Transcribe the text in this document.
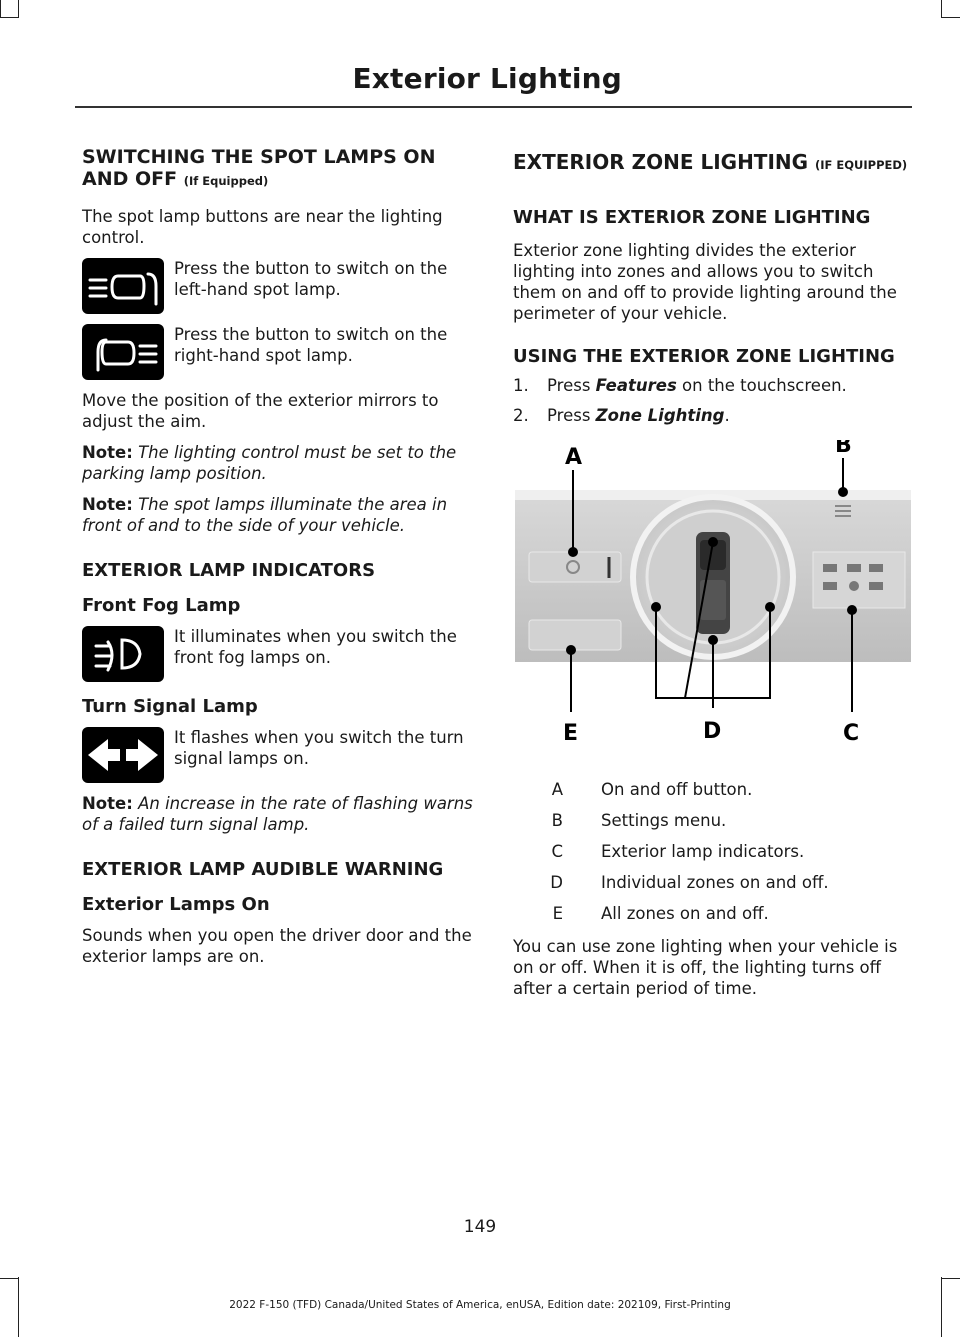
Exterior Lighting
SWITCHING THE SPOT LAMPS ON AND OFF (If Equipped)

The spot lamp buttons are near the lighting control.

Press the button to switch on the left-hand spot lamp.

Press the button to switch on the right-hand spot lamp.

Move the position of the exterior mirrors to adjust the aim.

Note: The lighting control must be set to the parking lamp position.

Note: The spot lamps illuminate the area in front of and to the side of your vehicle.

EXTERIOR LAMP INDICATORS
Front Fog Lamp

It illuminates when you switch the front fog lamps on.

Turn Signal Lamp

It flashes when you switch the turn signal lamps on.

Note: An increase in the rate of flashing warns of a failed turn signal lamp.

EXTERIOR LAMP AUDIBLE WARNING
Exterior Lamps On

Sounds when you open the driver door and the exterior lamps are on.

EXTERIOR ZONE LIGHTING (IF EQUIPPED)
WHAT IS EXTERIOR ZONE LIGHTING

Exterior zone lighting divides the exterior lighting into zones and allows you to switch them on and off to provide lighting around the perimeter of your vehicle.

USING THE EXTERIOR ZONE LIGHTING
1. Press Features on the touchscreen.
2. Press Zone Lighting.
A	B
C
D
E
A	On and off button.
B	Settings menu.
C	Exterior lamp indicators.
D	Individual zones on and off.
E	All zones on and off.

You can use zone lighting when your vehicle is on or off. When it is off, the lighting turns off after a certain period of time.

149
2022 F-150 (TFD) Canada/United States of America, enUSA, Edition date: 202109, First-Printing
